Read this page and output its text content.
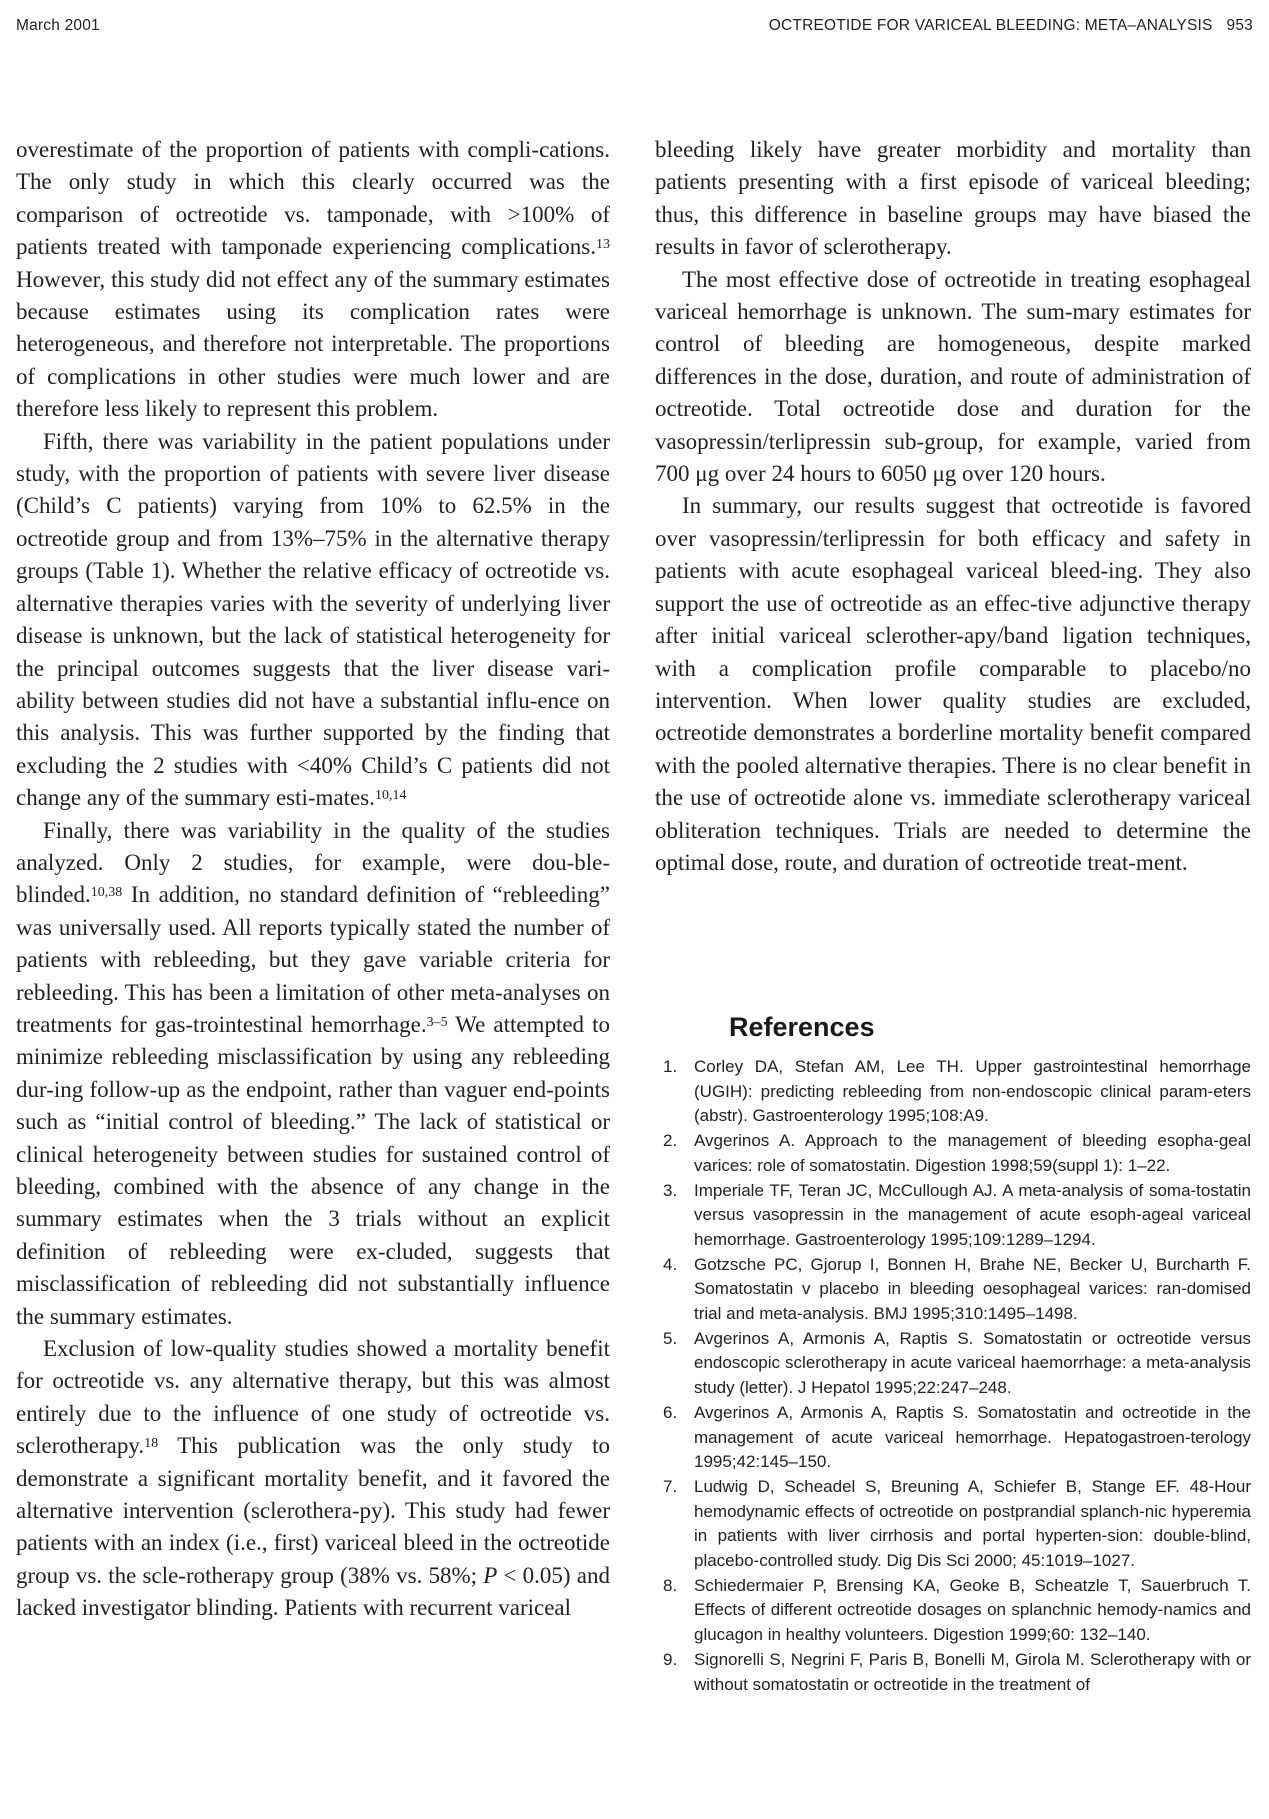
March 2001	OCTREOTIDE FOR VARICEAL BLEEDING: META–ANALYSIS 953

overestimate of the proportion of patients with compli-cations. The only study in which this clearly occurred was the comparison of octreotide vs. tamponade, with >100% of patients treated with tamponade experiencing complications.$^{13}$ However, this study did not effect any of the summary estimates because estimates using its complication rates were heterogeneous, and therefore not interpretable. The proportions of complications in other studies were much lower and are therefore less likely to represent this problem.

Fifth, there was variability in the patient populations under study, with the proportion of patients with severe liver disease (Child’s C patients) varying from 10% to 62.5% in the octreotide group and from 13%–75% in the alternative therapy groups (Table 1). Whether the relative efficacy of octreotide vs. alternative therapies varies with the severity of underlying liver disease is unknown, but the lack of statistical heterogeneity for the principal outcomes suggests that the liver disease vari-ability between studies did not have a substantial influ-ence on this analysis. This was further supported by the finding that excluding the 2 studies with <40% Child’s C patients did not change any of the summary esti-mates.$^{10,14}$

Finally, there was variability in the quality of the studies analyzed. Only 2 studies, for example, were dou-ble-blinded.$^{10,38}$ In addition, no standard definition of “rebleeding” was universally used. All reports typically stated the number of patients with rebleeding, but they gave variable criteria for rebleeding. This has been a limitation of other meta-analyses on treatments for gas-trointestinal hemorrhage.$^{3-5}$ We attempted to minimize rebleeding misclassification by using any rebleeding dur-ing follow-up as the endpoint, rather than vaguer end-points such as “initial control of bleeding.” The lack of statistical or clinical heterogeneity between studies for sustained control of bleeding, combined with the absence of any change in the summary estimates when the 3 trials without an explicit definition of rebleeding were ex-cluded, suggests that misclassification of rebleeding did not substantially influence the summary estimates.

Exclusion of low-quality studies showed a mortality benefit for octreotide vs. any alternative therapy, but this was almost entirely due to the influence of one study of octreotide vs. sclerotherapy.$^{18}$ This publication was the only study to demonstrate a significant mortality benefit, and it favored the alternative intervention (sclerothera-py). This study had fewer patients with an index (i.e., first) variceal bleed in the octreotide group vs. the scle-rotherapy group (38% vs. 58%; P < 0.05) and lacked investigator blinding. Patients with recurrent variceal

bleeding likely have greater morbidity and mortality than patients presenting with a first episode of variceal bleeding; thus, this difference in baseline groups may have biased the results in favor of sclerotherapy.

The most effective dose of octreotide in treating esophageal variceal hemorrhage is unknown. The sum-mary estimates for control of bleeding are homogeneous, despite marked differences in the dose, duration, and route of administration of octreotide. Total octreotide dose and duration for the vasopressin/terlipressin sub-group, for example, varied from 700 μg over 24 hours to 6050 μg over 120 hours.

In summary, our results suggest that octreotide is favored over vasopressin/terlipressin for both efficacy and safety in patients with acute esophageal variceal bleed-ing. They also support the use of octreotide as an effec-tive adjunctive therapy after initial variceal sclerother-apy/band ligation techniques, with a complication profile comparable to placebo/no intervention. When lower quality studies are excluded, octreotide demonstrates a borderline mortality benefit compared with the pooled alternative therapies. There is no clear benefit in the use of octreotide alone vs. immediate sclerotherapy variceal obliteration techniques. Trials are needed to determine the optimal dose, route, and duration of octreotide treat-ment.

References
1. Corley DA, Stefan AM, Lee TH. Upper gastrointestinal hemorrhage (UGIH): predicting rebleeding from non-endoscopic clinical param-eters (abstr). Gastroenterology 1995;108:A9.
2. Avgerinos A. Approach to the management of bleeding esopha-geal varices: role of somatostatin. Digestion 1998;59(suppl 1): 1–22.
3. Imperiale TF, Teran JC, McCullough AJ. A meta-analysis of soma-tostatin versus vasopressin in the management of acute esoph-ageal variceal hemorrhage. Gastroenterology 1995;109:1289–1294.
4. Gotzsche PC, Gjorup I, Bonnen H, Brahe NE, Becker U, Burcharth F. Somatostatin v placebo in bleeding oesophageal varices: ran-domised trial and meta-analysis. BMJ 1995;310:1495–1498.
5. Avgerinos A, Armonis A, Raptis S. Somatostatin or octreotide versus endoscopic sclerotherapy in acute variceal haemorrhage: a meta-analysis study (letter). J Hepatol 1995;22:247–248.
6. Avgerinos A, Armonis A, Raptis S. Somatostatin and octreotide in the management of acute variceal hemorrhage. Hepatogastroen-terology 1995;42:145–150.
7. Ludwig D, Scheadel S, Breuning A, Schiefer B, Stange EF. 48-Hour hemodynamic effects of octreotide on postprandial splanch-nic hyperemia in patients with liver cirrhosis and portal hyperten-sion: double-blind, placebo-controlled study. Dig Dis Sci 2000; 45:1019–1027.
8. Schiedermaier P, Brensing KA, Geoke B, Scheatzle T, Sauerbruch T. Effects of different octreotide dosages on splanchnic hemody-namics and glucagon in healthy volunteers. Digestion 1999;60: 132–140.
9. Signorelli S, Negrini F, Paris B, Bonelli M, Girola M. Sclerotherapy with or without somatostatin or octreotide in the treatment of
